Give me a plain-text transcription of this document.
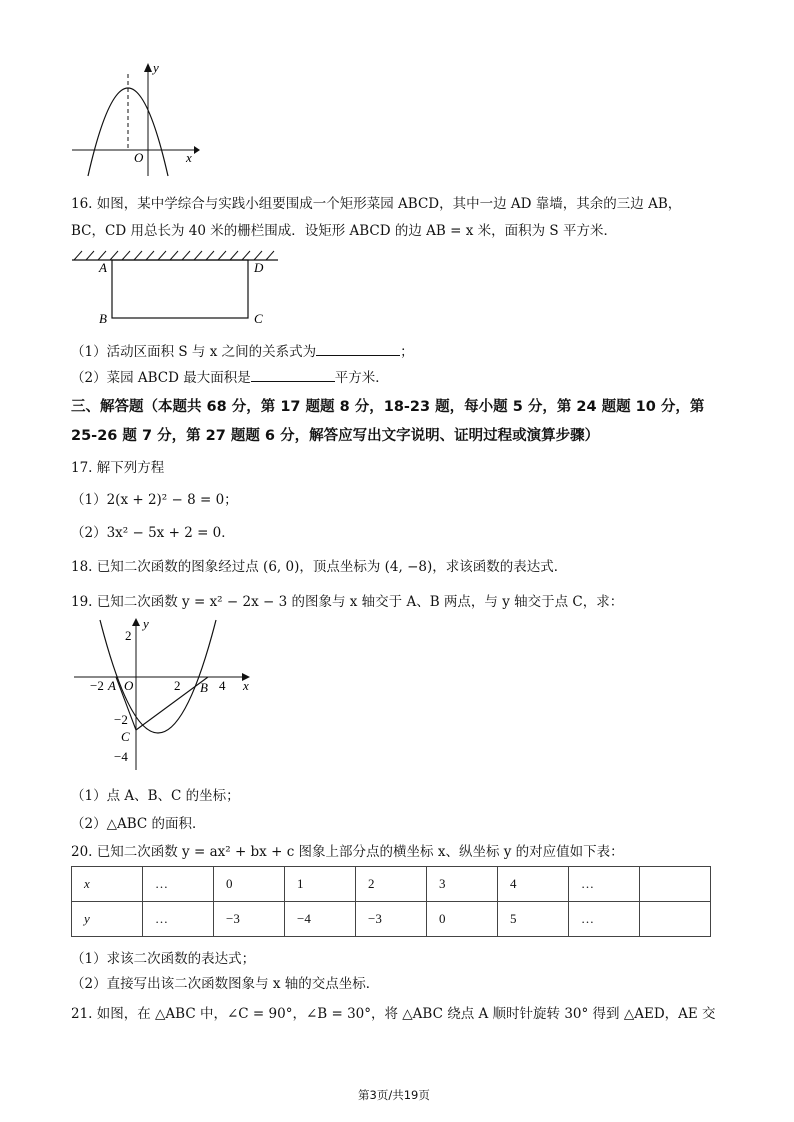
y
x
O
16. 如图，某中学综合与实践小组要围成一个矩形菜园 ABCD，其中一边 AD 靠墙，其余的三边 AB，
BC，CD 用总长为 40 米的栅栏围成．设矩形 ABCD 的边 AB = x 米，面积为 S 平方米．
A	D
B	C
（1）活动区面积 S 与 x 之间的关系式为	；
（2）菜园 ABCD 最大面积是	平方米．
三、解答题（本题共 68 分，第 17 题题 8 分，18-23 题，每小题 5 分，第 24 题题 10 分，第
25-26 题 7 分，第 27 题题 6 分，解答应写出文字说明、证明过程或演算步骤）
17. 解下列方程
（1）2(x + 2)² − 8 = 0；
（2）3x² − 5x + 2 = 0．
18. 已知二次函数的图象经过点 (6, 0)，顶点坐标为 (4, −8)，求该函数的表达式．
19. 已知二次函数 y = x² − 2x − 3 的图象与 x 轴交于 A、B 两点，与 y 轴交于点 C，求：
y
x
2
−2 A O	2 B 4
−2
C
−4
（1）点 A、B、C 的坐标；
（2）△ABC 的面积．
20. 已知二次函数 y = ax² + bx + c 图象上部分点的横坐标 x、纵坐标 y 的对应值如下表：
x	…	0	1	2	3	4	…	
y	…	−3	−4	−3	0	5	…	
（1）求该二次函数的表达式；
（2）直接写出该二次函数图象与 x 轴的交点坐标．
21. 如图，在 △ABC 中，∠C = 90°，∠B = 30°，将 △ABC 绕点 A 顺时针旋转 30° 得到 △AED，AE 交
第3页/共19页
